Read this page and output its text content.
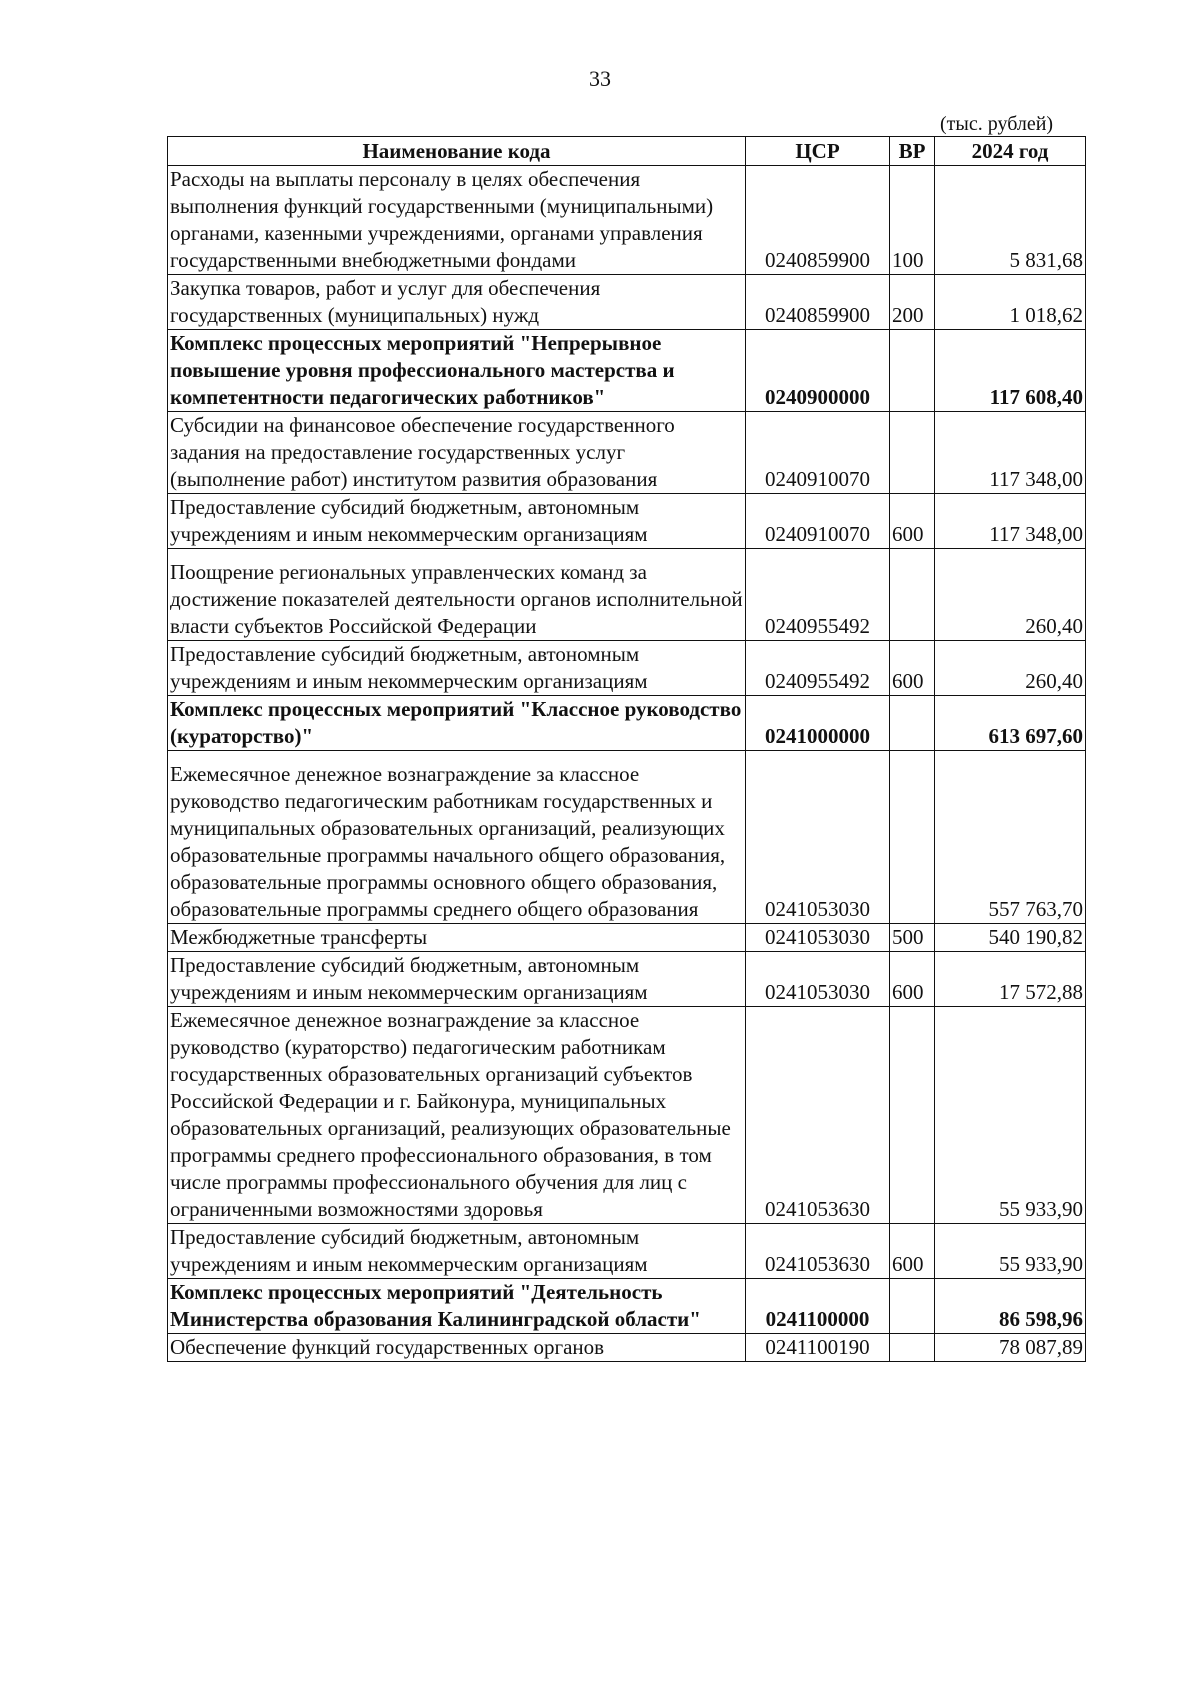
33
(тыс. рублей)
Наименование кода	ЦСР	ВР	2024 год
Расходы на выплаты персоналу в целях обеспечения выполнения функций государственными (муниципальными) органами, казенными учреждениями, органами управления государственными внебюджетными фондами	0240859900	100	5 831,68
Закупка товаров, работ и услуг для обеспечения государственных (муниципальных) нужд	0240859900	200	1 018,62
Комплекс процессных мероприятий "Непрерывное повышение уровня профессионального мастерства и компетентности педагогических работников"	0240900000		117 608,40
Субсидии на финансовое обеспечение государственного задания на предоставление государственных услуг (выполнение работ) институтом развития образования	0240910070		117 348,00
Предоставление субсидий бюджетным, автономным учреждениям и иным некоммерческим организациям	0240910070	600	117 348,00
Поощрение региональных управленческих команд за достижение показателей деятельности органов исполнительной власти субъектов Российской Федерации	0240955492		260,40
Предоставление субсидий бюджетным, автономным учреждениям и иным некоммерческим организациям	0240955492	600	260,40
Комплекс процессных мероприятий "Классное руководство (кураторство)"	0241000000		613 697,60
Ежемесячное денежное вознаграждение за классное руководство педагогическим работникам государственных и муниципальных образовательных организаций, реализующих образовательные программы начального общего образования, образовательные программы основного общего образования, образовательные программы среднего общего образования	0241053030		557 763,70
Межбюджетные трансферты	0241053030	500	540 190,82
Предоставление субсидий бюджетным, автономным учреждениям и иным некоммерческим организациям	0241053030	600	17 572,88
Ежемесячное денежное вознаграждение за классное руководство (кураторство) педагогическим работникам государственных образовательных организаций субъектов Российской Федерации и г. Байконура, муниципальных образовательных организаций, реализующих образовательные программы среднего профессионального образования, в том числе программы профессионального обучения для лиц с ограниченными возможностями здоровья	0241053630		55 933,90
Предоставление субсидий бюджетным, автономным учреждениям и иным некоммерческим организациям	0241053630	600	55 933,90
Комплекс процессных мероприятий "Деятельность Министерства образования Калининградской области"	0241100000		86 598,96
Обеспечение функций государственных органов	0241100190		78 087,89
